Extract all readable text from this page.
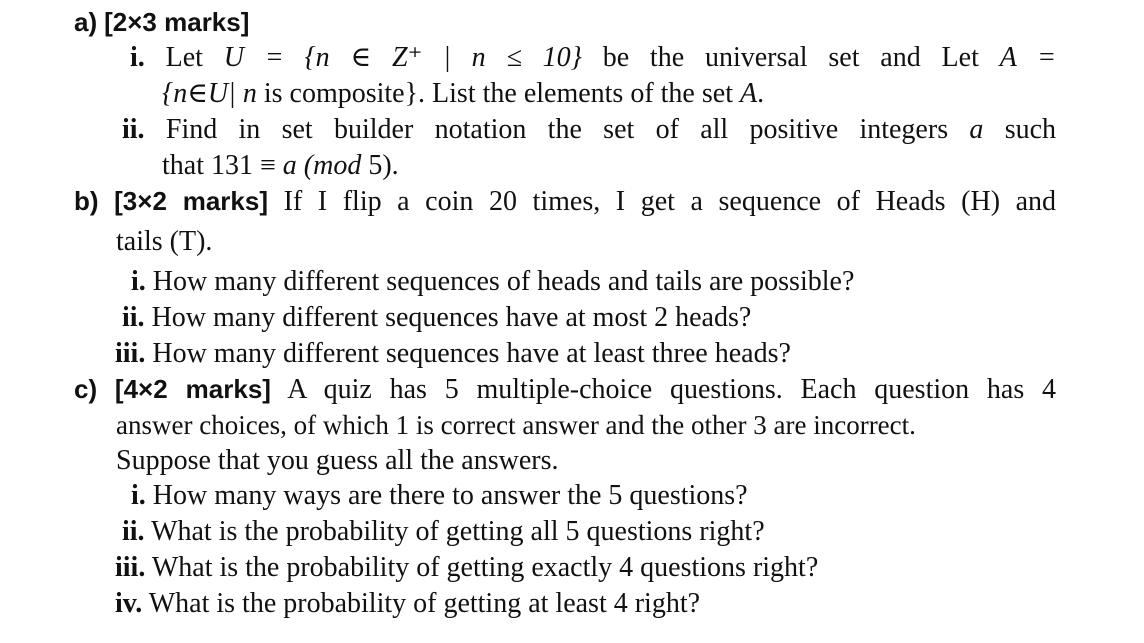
a) [2×3 marks]
i. Let U = {n ∈ Z⁺ | n ≤ 10} be the universal set and Let A =
{n∈U| n is composite}. List the elements of the set A.
ii. Find in set builder notation the set of all positive integers a such
that 131 ≡ a (mod 5).
b) [3×2 marks] If I flip a coin 20 times, I get a sequence of Heads (H) and
tails (T).
i. How many different sequences of heads and tails are possible?
ii. How many different sequences have at most 2 heads?
iii. How many different sequences have at least three heads?
c) [4×2 marks] A quiz has 5 multiple-choice questions. Each question has 4
answer choices, of which 1 is correct answer and the other 3 are incorrect.
Suppose that you guess all the answers.
i. How many ways are there to answer the 5 questions?
ii. What is the probability of getting all 5 questions right?
iii. What is the probability of getting exactly 4 questions right?
iv. What is the probability of getting at least 4 right?
